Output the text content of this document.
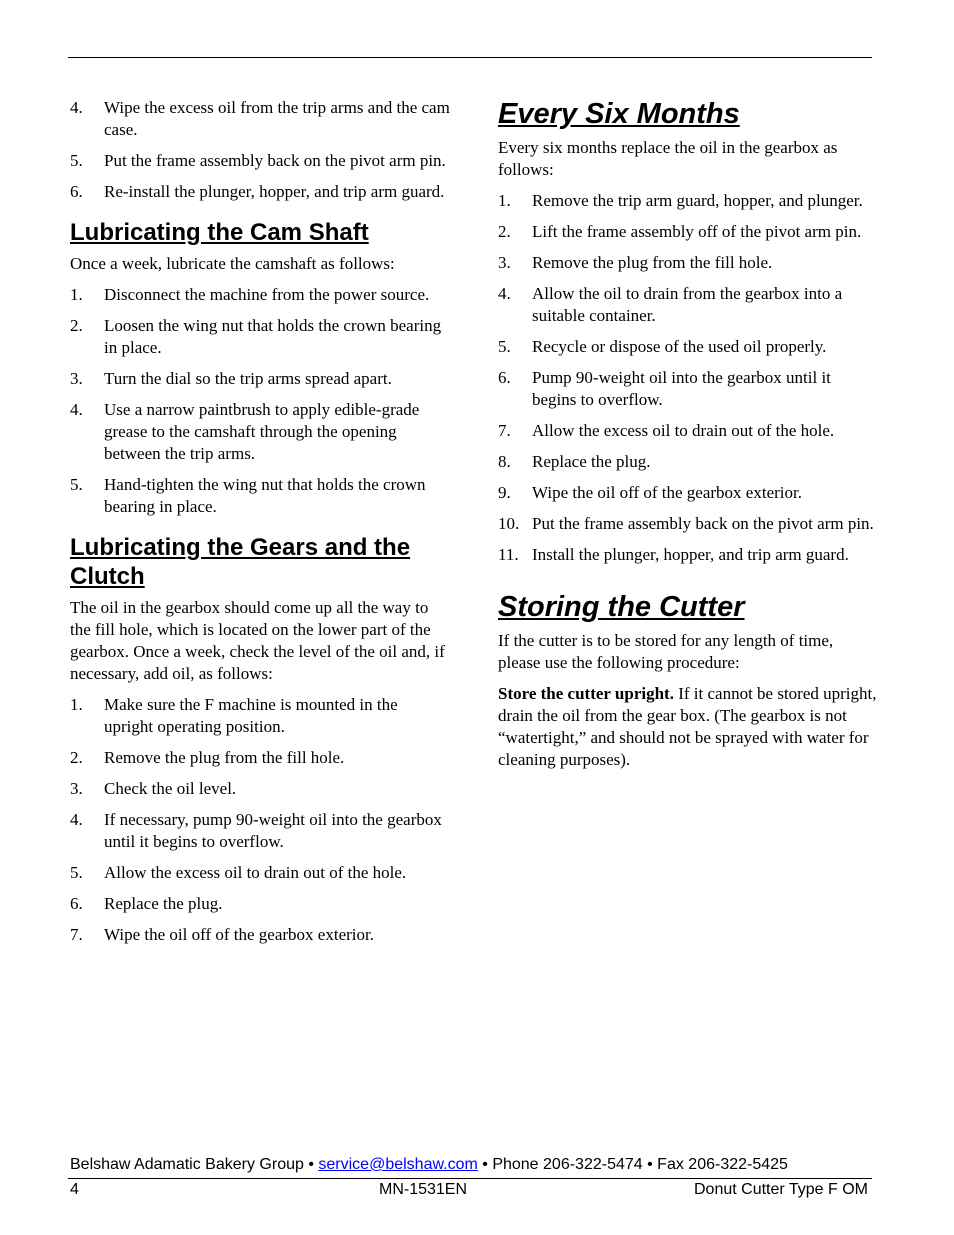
4. Wipe the excess oil from the trip arms and the cam case.
5. Put the frame assembly back on the pivot arm pin.
6. Re-install the plunger, hopper, and trip arm guard.
Lubricating the Cam Shaft

Once a week, lubricate the camshaft as follows:

1. Disconnect the machine from the power source.
2. Loosen the wing nut that holds the crown bearing in place.
3. Turn the dial so the trip arms spread apart.
4. Use a narrow paintbrush to apply edible-grade grease to the camshaft through the opening between the trip arms.
5. Hand-tighten the wing nut that holds the crown bearing in place.
Lubricating the Gears and the Clutch

The oil in the gearbox should come up all the way to the fill hole, which is located on the lower part of the gearbox. Once a week, check the level of the oil and, if necessary, add oil, as follows:

1. Make sure the F machine is mounted in the upright operating position.
2. Remove the plug from the fill hole.
3. Check the oil level.
4. If necessary, pump 90-weight oil into the gearbox until it begins to overflow.
5. Allow the excess oil to drain out of the hole.
6. Replace the plug.
7. Wipe the oil off of the gearbox exterior.
Every Six Months

Every six months replace the oil in the gearbox as follows:

1. Remove the trip arm guard, hopper, and plunger.
2. Lift the frame assembly off of the pivot arm pin.
3. Remove the plug from the fill hole.
4. Allow the oil to drain from the gearbox into a suitable container.
5. Recycle or dispose of the used oil properly.
6. Pump 90-weight oil into the gearbox until it begins to overflow.
7. Allow the excess oil to drain out of the hole.
8. Replace the plug.
9. Wipe the oil off of the gearbox exterior.
10. Put the frame assembly back on the pivot arm pin.
11. Install the plunger, hopper, and trip arm guard.
Storing the Cutter

If the cutter is to be stored for any length of time, please use the following procedure:

Store the cutter upright. If it cannot be stored upright, drain the oil from the gear box. (The gearbox is not “watertight,” and should not be sprayed with water for cleaning purposes).

Belshaw Adamatic Bakery Group • service@belshaw.com • Phone 206-322-5474 • Fax 206-322-5425
4	MN-1531EN	Donut Cutter Type F OM
